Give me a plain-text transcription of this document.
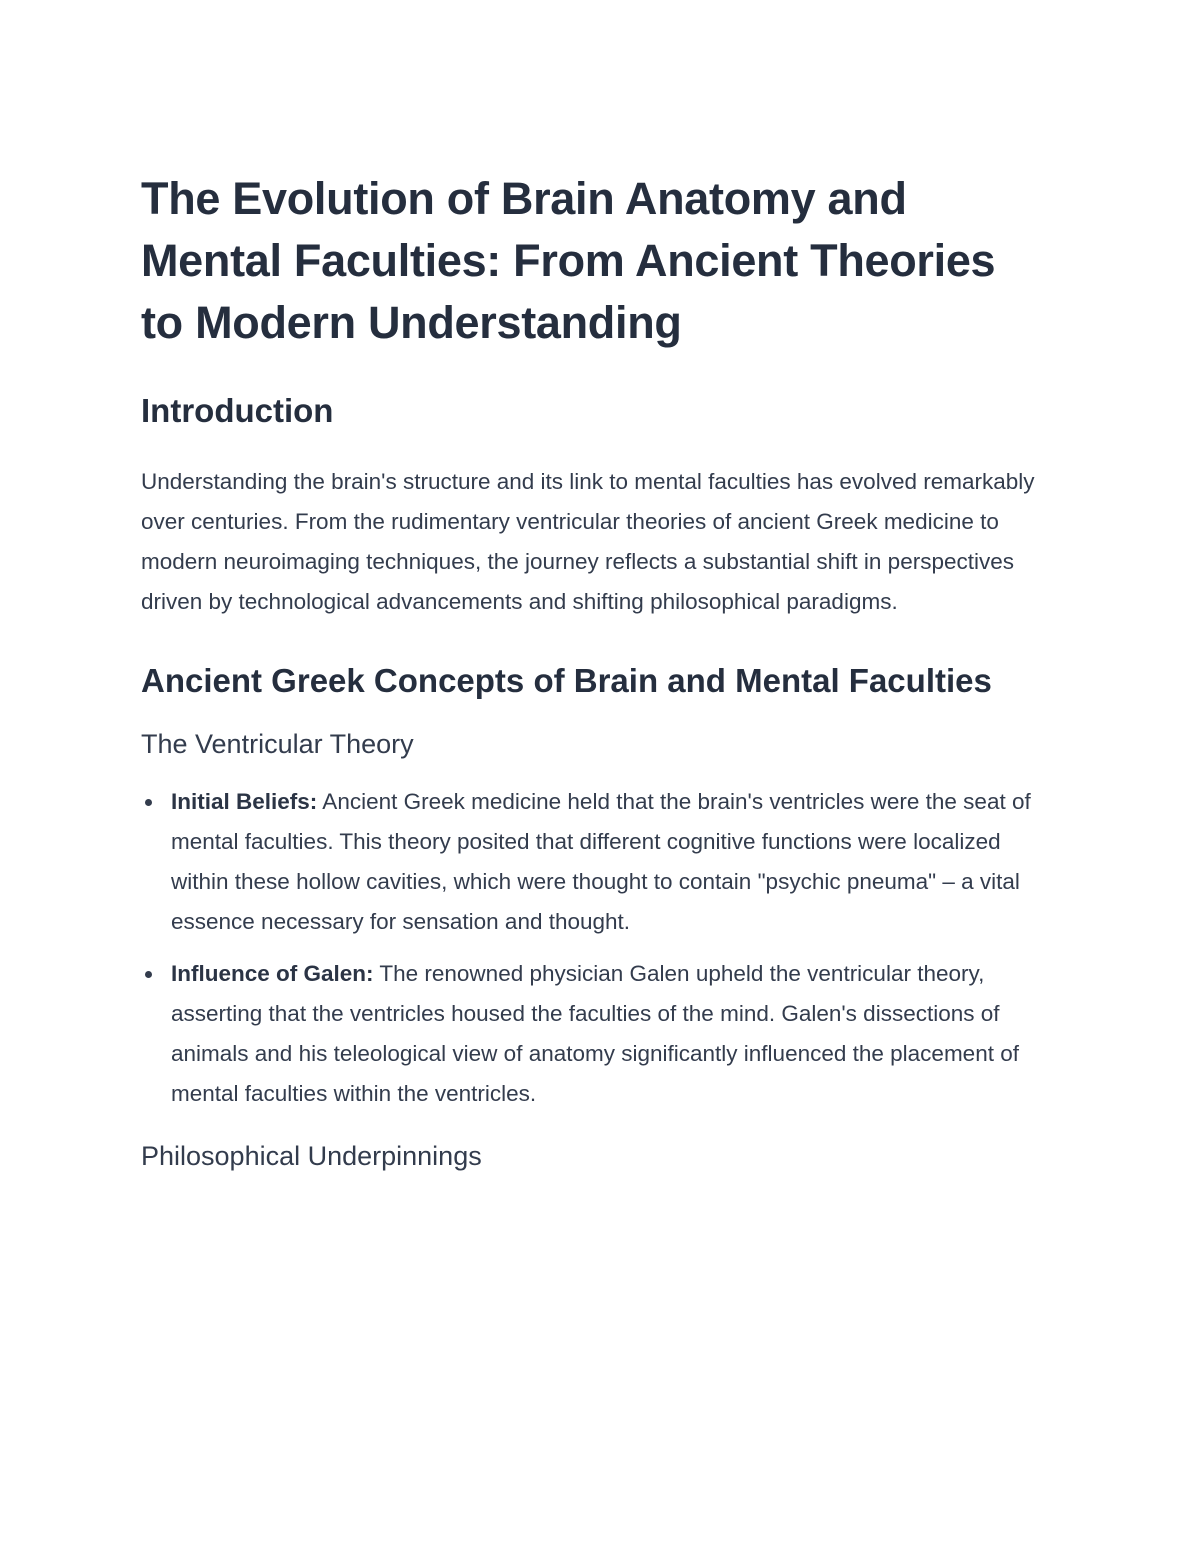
The Evolution of Brain Anatomy and Mental Faculties: From Ancient Theories to Modern Understanding
Introduction

Understanding the brain's structure and its link to mental faculties has evolved remarkably over centuries. From the rudimentary ventricular theories of ancient Greek medicine to modern neuroimaging techniques, the journey reflects a substantial shift in perspectives driven by technological advancements and shifting philosophical paradigms.

Ancient Greek Concepts of Brain and Mental Faculties
The Ventricular Theory
Initial Beliefs: Ancient Greek medicine held that the brain's ventricles were the seat of mental faculties. This theory posited that different cognitive functions were localized within these hollow cavities, which were thought to contain "psychic pneuma" – a vital essence necessary for sensation and thought.
Influence of Galen: The renowned physician Galen upheld the ventricular theory, asserting that the ventricles housed the faculties of the mind. Galen's dissections of animals and his teleological view of anatomy significantly influenced the placement of mental faculties within the ventricles.
Philosophical Underpinnings
